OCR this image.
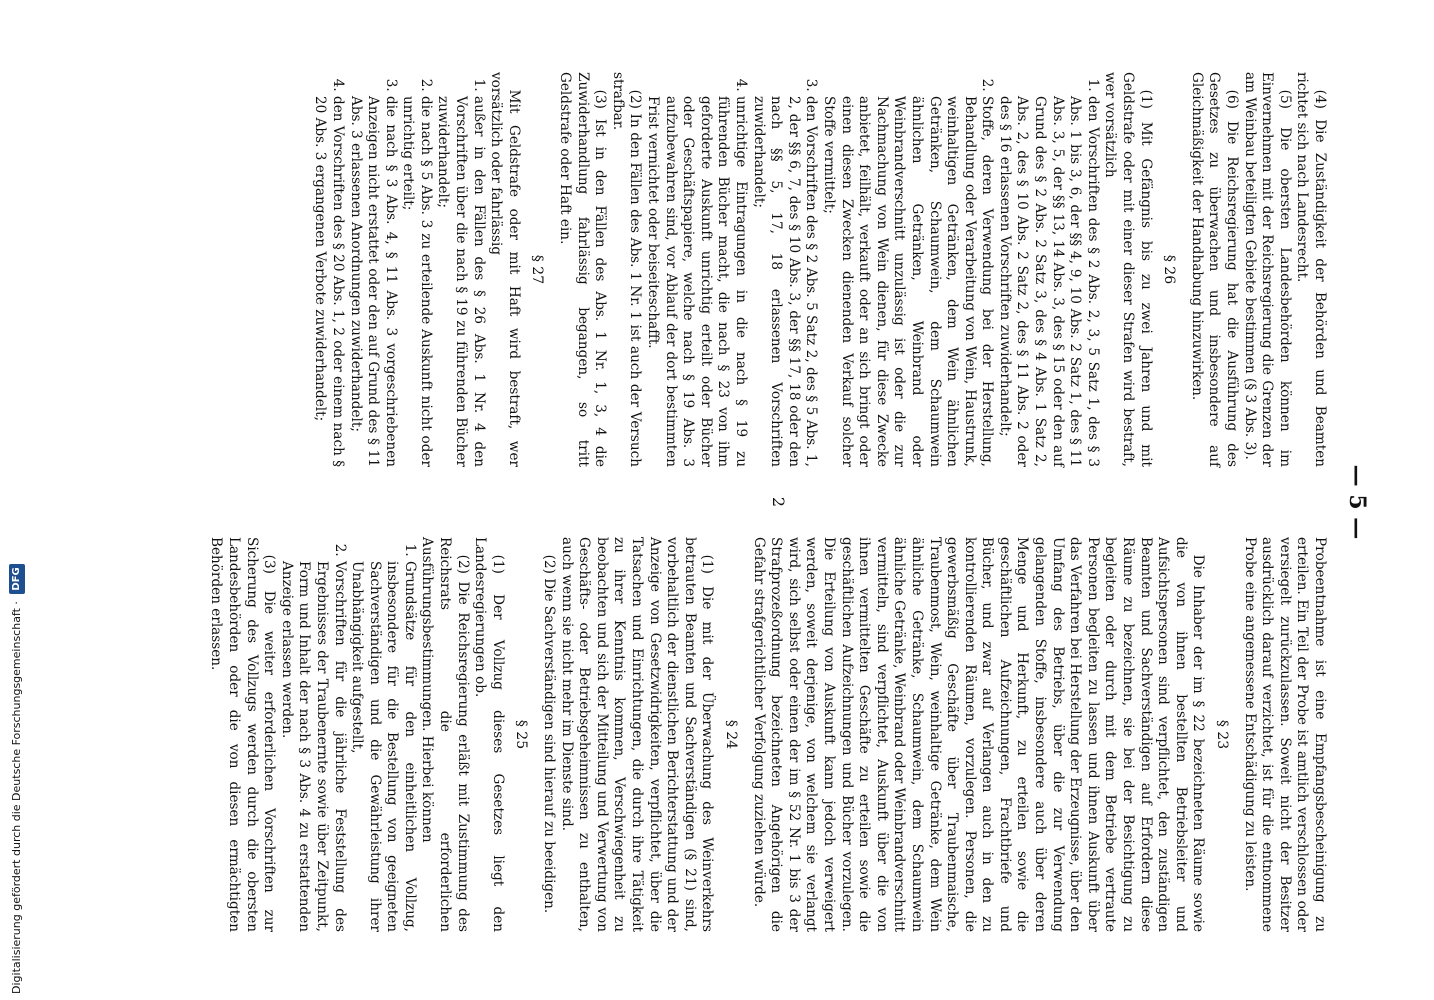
— 5 —

(4) Die Zuständigkeit der Behörden und Beamten richtet sich nach Landesrecht.

(5) Die obersten Landesbehörden können im Einvernehmen mit der Reichsregierung die Grenzen der am Weinbau beteiligten Gebiete bestimmen (§ 3 Abs. 3).

(6) Die Reichsregierung hat die Ausführung des Gesetzes zu überwachen und insbesondere auf Gleichmäßigkeit der Handhabung hinzuwirken.

§ 26

(1) Mit Gefängnis bis zu zwei Jahren und mit Geldstrafe oder mit einer dieser Strafen wird bestraft, wer vorsätzlich

1. den Vorschriften des § 2 Abs. 2, 3, 5 Satz 1, des § 3 Abs. 1 bis 3, 6, der §§ 4, 9, 10 Abs. 2 Satz 1, des § 11 Abs. 3, 5, der §§ 13, 14 Abs. 3, des § 15 oder den auf Grund des § 2 Abs. 2 Satz 3, des § 4 Abs. 1 Satz 2, Abs. 2, des § 10 Abs. 2 Satz 2, des § 11 Abs. 2 oder des § 16 erlassenen Vorschriften zuwiderhandelt;
2. Stoffe, deren Verwendung bei der Herstellung, Behandlung oder Verarbeitung von Wein, Haustrunk, weinhaltigen Getränken, dem Wein ähnlichen Getränken, Schaumwein, dem Schaumwein ähnlichen Getränken, Weinbrand oder Weinbrandverschnitt unzulässig ist oder die zur Nachmachung von Wein dienen, für diese Zwecke anbietet, feilhält, verkauft oder an sich bringt oder einen diesen Zwecken dienenden Verkauf solcher Stoffe vermittelt;
3. den Vorschriften des § 2 Abs. 5 Satz 2, des § 5 Abs. 1, 2, der §§ 6, 7, des § 10 Abs. 3, der §§ 17, 18 oder den nach §§ 5, 17, 18 erlassenen Vorschriften zuwiderhandelt;
4. unrichtige Eintragungen in die nach § 19 zu führenden Bücher macht, die nach § 23 von ihm geforderte Auskunft unrichtig erteilt oder Bücher oder Geschäftspapiere, welche nach § 19 Abs. 3 aufzubewahren sind, vor Ablauf der dort bestimmten Frist vernichtet oder beiseiteschafft.

(2) In den Fällen des Abs. 1 Nr. 1 ist auch der Versuch strafbar.

(3) Ist in den Fällen des Abs. 1 Nr. 1, 3, 4 die Zuwiderhandlung fahrlässig begangen, so tritt Geldstrafe oder Haft ein.

§ 27

Mit Geldstrafe oder mit Haft wird bestraft, wer vorsätzlich oder fahrlässig

1. außer in den Fällen des § 26 Abs. 1 Nr. 4 den Vorschriften über die nach § 19 zu führenden Bücher zuwiderhandelt;
2. die nach § 5 Abs. 3 zu erteilende Auskunft nicht oder unrichtig erteilt;
3. die nach § 3 Abs. 4, § 11 Abs. 3 vorgeschriebenen Anzeigen nicht erstattet oder den auf Grund des § 11 Abs. 3 erlassenen Anordnungen zuwiderhandelt;
4. den Vorschriften des § 20 Abs. 1, 2 oder einem nach § 20 Abs. 3 ergangenen Verbote zuwiderhandelt;

Probeentnahme ist eine Empfangsbescheinigung zu erteilen. Ein Teil der Probe ist amtlich verschlossen oder versiegelt zurückzulassen. Soweit nicht der Besitzer ausdrücklich darauf verzichtet, ist für die entnommene Probe eine angemessene Entschädigung zu leisten.

§ 23

Die Inhaber der im § 22 bezeichneten Räume sowie die von ihnen bestellten Betriebsleiter und Aufsichtspersonen sind verpflichtet, den zuständigen Beamten und Sachverständigen auf Erfordern diese Räume zu bezeichnen, sie bei der Besichtigung zu begleiten oder durch mit dem Betriebe vertraute Personen begleiten zu lassen und ihnen Auskunft über das Verfahren bei Herstellung der Erzeugnisse, über den Umfang des Betriebs, über die zur Verwendung gelangenden Stoffe, insbesondere auch über deren Menge und Herkunft, zu erteilen sowie die geschäftlichen Aufzeichnungen, Frachtbriefe und Bücher, und zwar auf Verlangen auch in den zu kontrollierenden Räumen, vorzulegen. Personen, die gewerbsmäßig Geschäfte über Traubenmaische, Traubenmost, Wein, weinhaltige Getränke, dem Wein ähnliche Getränke, Schaumwein, dem Schaumwein ähnliche Getränke, Weinbrand oder Weinbrandverschnitt vermitteln, sind verpflichtet, Auskunft über die von ihnen vermittelten Geschäfte zu erteilen sowie die geschäftlichen Aufzeichnungen und Bücher vorzulegen. Die Erteilung von Auskunft kann jedoch verweigert werden, soweit derjenige, von welchem sie verlangt wird, sich selbst oder einen der im § 52 Nr. 1 bis 3 der Strafprozeßordnung bezeichneten Angehörigen die Gefahr strafgerichtlicher Verfolgung zuziehen würde.

§ 24

(1) Die mit der Überwachung des Weinverkehrs betrauten Beamten und Sachverständigen (§ 21) sind, vorbehaltlich der dienstlichen Berichterstattung und der Anzeige von Gesetzwidrigkeiten, verpflichtet, über die Tatsachen und Einrichtungen, die durch ihre Tätigkeit zu ihrer Kenntnis kommen, Verschwiegenheit zu beobachten und sich der Mitteilung und Verwertung von Geschäfts- oder Betriebsgeheimnissen zu enthalten, auch wenn sie nicht mehr im Dienste sind.

(2) Die Sachverständigen sind hierauf zu beeidigen.

§ 25

(1) Der Vollzug dieses Gesetzes liegt den Landesregierungen ob.

(2) Die Reichsregierung erläßt mit Zustimmung des Reichsrats die erforderlichen Ausführungsbestimmungen. Hierbei können

1. Grundsätze für den einheitlichen Vollzug, insbesondere für die Bestellung von geeigneten Sachverständigen und die Gewährleistung ihrer Unabhängigkeit aufgestellt,
2. Vorschriften für die jährliche Feststellung des Ergebnisses der Traubenernte sowie über Zeitpunkt, Form und Inhalt der nach § 3 Abs. 4 zu erstattenden Anzeige erlassen werden.

(3) Die weiter erforderlichen Vorschriften zur Sicherung des Vollzugs werden durch die obersten Landesbehörden oder die von diesen ermächtigten Behörden erlassen.

2
Digitalisierung gefördert durch die Deutsche Forschungsgemeinschaft · DFG
